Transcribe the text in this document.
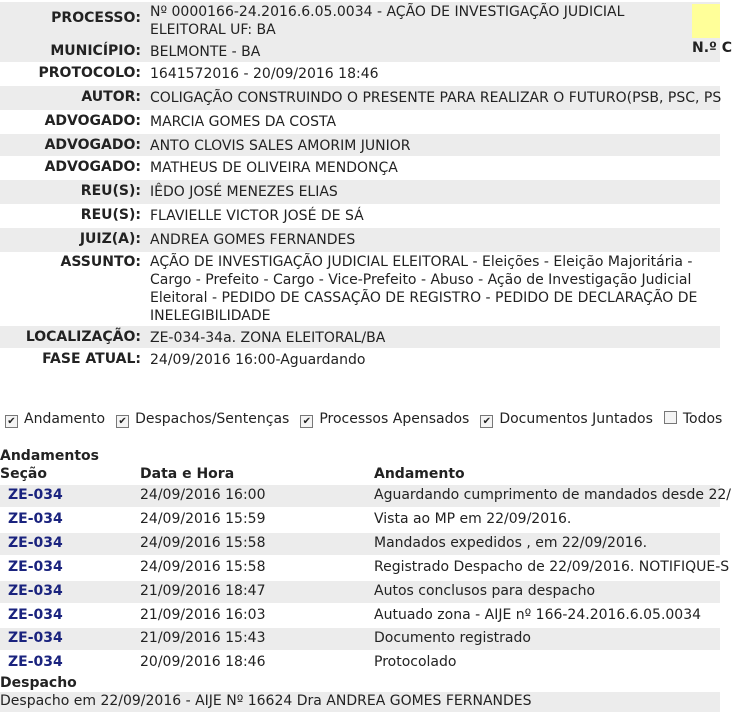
PROCESSO: Nº 0000166-24.2016.6.05.0034 - AÇÃO DE INVESTIGAÇÃO JUDICIAL
ELEITORAL UF: BA
MUNICÍPIO: BELMONTE - BA
PROTOCOLO: 1641572016 - 20/09/2016 18:46
AUTOR: COLIGAÇÃO CONSTRUINDO O PRESENTE PARA REALIZAR O FUTURO(PSB, PSC, PS
ADVOGADO: MARCIA GOMES DA COSTA
ADVOGADO: ANTO CLOVIS SALES AMORIM JUNIOR
ADVOGADO: MATHEUS DE OLIVEIRA MENDONÇA
REU(S): IÊDO JOSÉ MENEZES ELIAS
REU(S): FLAVIELLE VICTOR JOSÉ DE SÁ
JUIZ(A): ANDREA GOMES FERNANDES
ASSUNTO: AÇÃO DE INVESTIGAÇÃO JUDICIAL ELEITORAL - Eleições - Eleição Majoritária -
Cargo - Prefeito - Cargo - Vice-Prefeito - Abuso - Ação de Investigação Judicial
Eleitoral - PEDIDO DE CASSAÇÃO DE REGISTRO - PEDIDO DE DECLARAÇÃO DE
INELEGIBILIDADE
LOCALIZAÇÃO: ZE-034-34a. ZONA ELEITORAL/BA
FASE ATUAL: 24/09/2016 16:00-Aguardando
N.º C
✔ Andamento ✔ Despachos/Sentenças ✔ Processos Apensados ✔ Documentos Juntados Todos
Andamentos
Seção	Data e Hora	Andamento
ZE-034	24/09/2016 16:00	Aguardando cumprimento de mandados desde 22/
ZE-034	24/09/2016 15:59	Vista ao MP em 22/09/2016.
ZE-034	24/09/2016 15:58	Mandados expedidos , em 22/09/2016.
ZE-034	24/09/2016 15:58	Registrado Despacho de 22/09/2016. NOTIFIQUE-S
ZE-034	21/09/2016 18:47	Autos conclusos para despacho
ZE-034	21/09/2016 16:03	Autuado zona - AIJE nº 166-24.2016.6.05.0034
ZE-034	21/09/2016 15:43	Documento registrado
ZE-034	20/09/2016 18:46	Protocolado
Despacho
Despacho em 22/09/2016 - AIJE Nº 16624 Dra ANDREA GOMES FERNANDES
